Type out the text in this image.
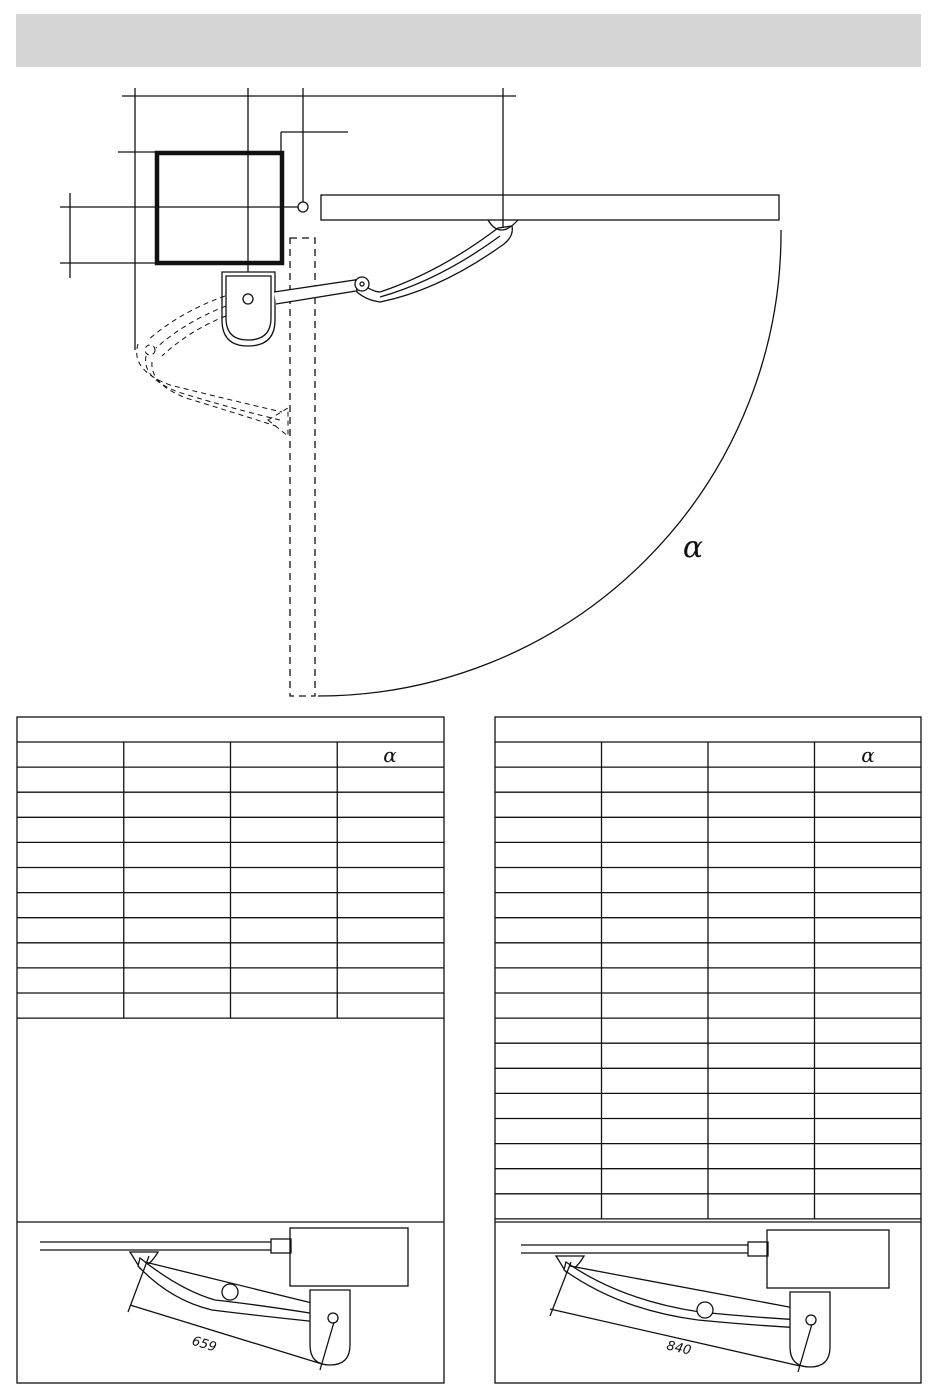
α
α	α
659	840
